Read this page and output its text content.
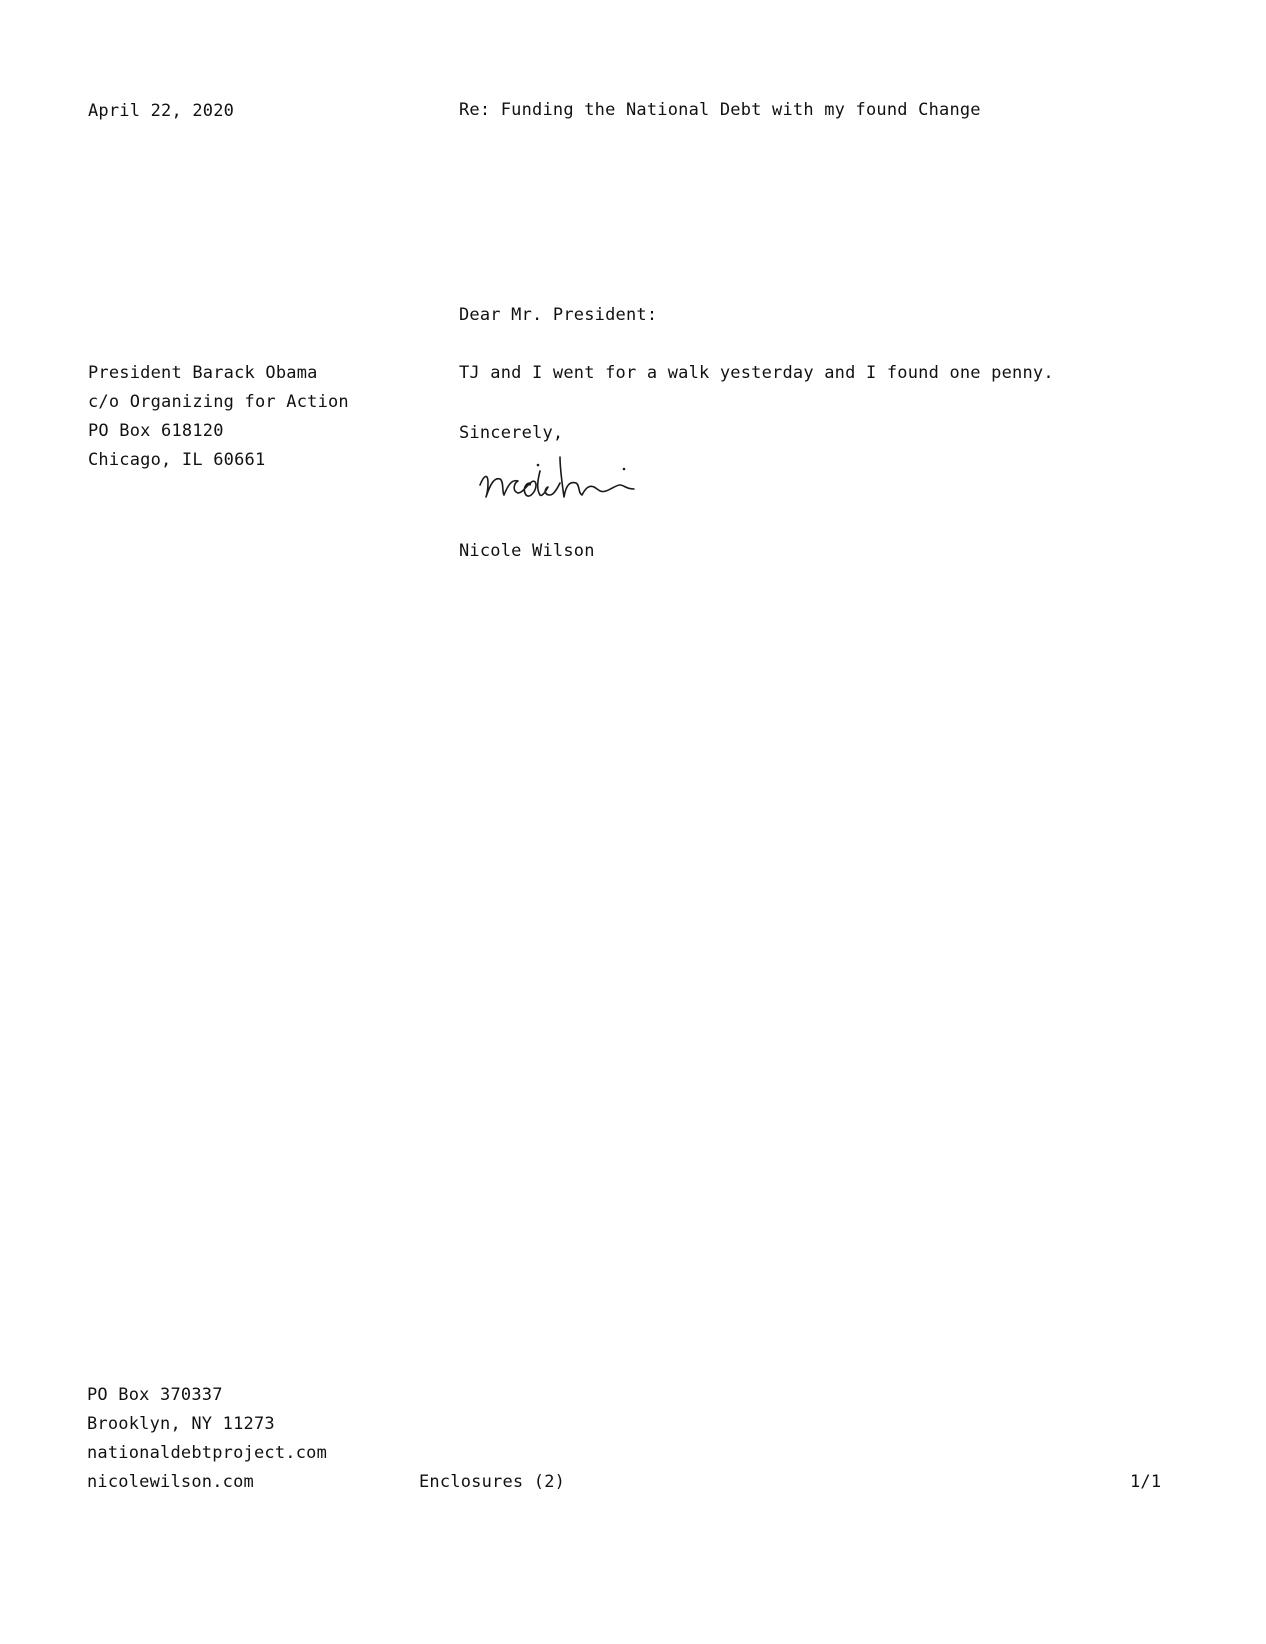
April 22, 2020	Re: Funding the National Debt with my found Change
Dear Mr. President:
President Barack Obama
c/o Organizing for Action
PO Box 618120
Chicago, IL 60661
TJ and I went for a walk yesterday and I found one penny.
Sincerely,
Nicole Wilson
PO Box 370337
Brooklyn, NY 11273
nationaldebtproject.com
nicolewilson.com	Enclosures (2)	1/1
